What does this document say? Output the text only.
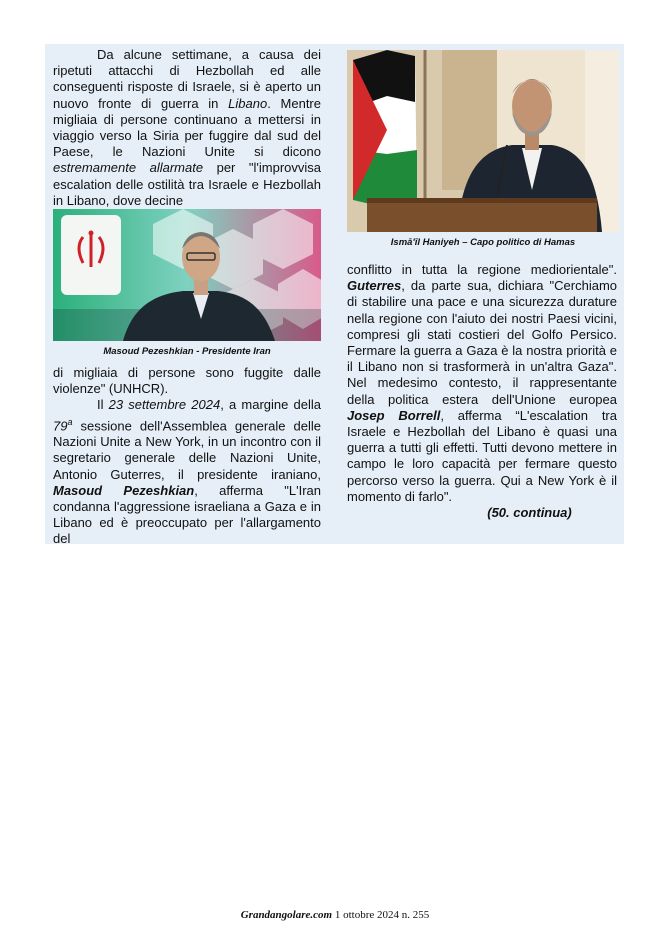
Da alcune settimane, a causa dei ripetuti attacchi di Hezbollah ed alle conseguenti risposte di Israele, si è aperto un nuovo fronte di guerra in Libano. Mentre migliaia di persone continuano a mettersi in viaggio verso la Siria per fuggire dal sud del Paese, le Nazioni Unite si dicono estremamente allarmate per "l'improvvisa escalation delle ostilità tra Israele e Hezbollah in Libano, dove decine

Masoud Pezeshkian - Presidente Iran

di migliaia di persone sono fuggite dalle violenze" (UNHCR).

Il 23 settembre 2024, a margine della 79$^a$ sessione dell'Assemblea generale delle Nazioni Unite a New York, in un incontro con il segretario generale delle Nazioni Unite, Antonio Guterres, il presidente iraniano, Masoud Pezeshkian, afferma "L'Iran condanna l'aggressione israeliana a Gaza e in Libano ed è preoccupato per l'allargamento del

Ismā'īl Haniyeh – Capo politico di Hamas

conflitto in tutta la regione mediorientale". Guterres, da parte sua, dichiara "Cerchiamo di stabilire una pace e una sicurezza durature nella regione con l'aiuto dei nostri Paesi vicini, compresi gli stati costieri del Golfo Persico. Fermare la guerra a Gaza è la nostra priorità e il Libano non si trasformerà in un'altra Gaza". Nel medesimo contesto, il rappresentante della politica estera dell'Unione europea Josep Borrell, afferma “L'escalation tra Israele e Hezbollah del Libano è quasi una guerra a tutti gli effetti. Tutti devono mettere in campo le loro capacità per fermare questo percorso verso la guerra. Qui a New York è il momento di farlo".

(50. continua)

Grandangolare.com 1 ottobre 2024 n. 255
